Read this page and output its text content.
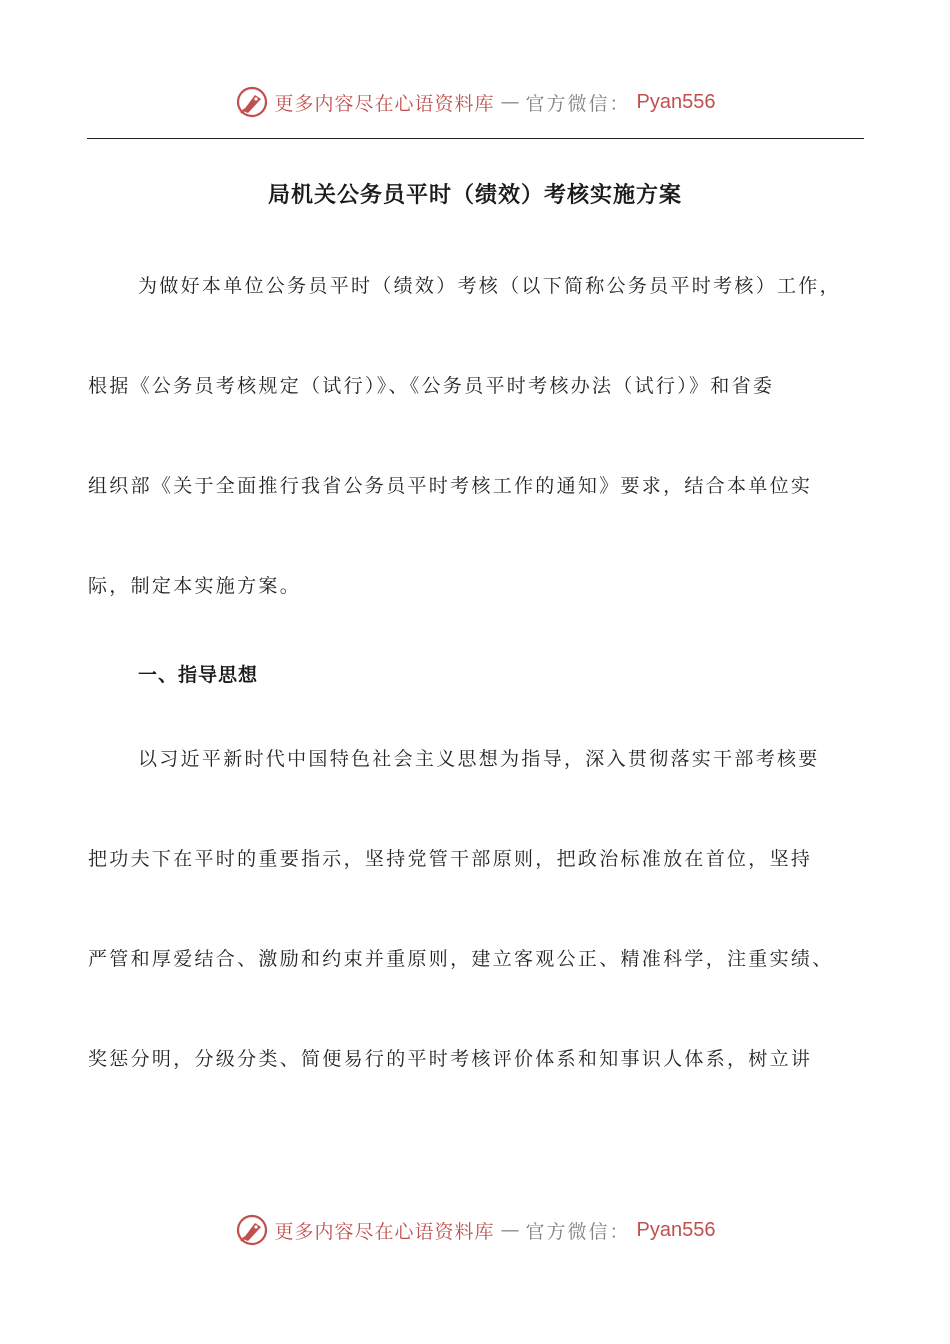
更多内容尽在心语资料库 — 官方微信： Pyan556
局机关公务员平时（绩效）考核实施方案
为做好本单位公务员平时（绩效）考核（以下简称公务员平时考核）工作，
根据《公务员考核规定（试行）》、《公务员平时考核办法（试行）》和省委
组织部《关于全面推行我省公务员平时考核工作的通知》要求，结合本单位实
际，制定本实施方案。
一、指导思想
以习近平新时代中国特色社会主义思想为指导，深入贯彻落实干部考核要
把功夫下在平时的重要指示，坚持党管干部原则，把政治标准放在首位，坚持
严管和厚爱结合、激励和约束并重原则，建立客观公正、精准科学，注重实绩、
奖惩分明，分级分类、简便易行的平时考核评价体系和知事识人体系，树立讲
更多内容尽在心语资料库 — 官方微信： Pyan556
